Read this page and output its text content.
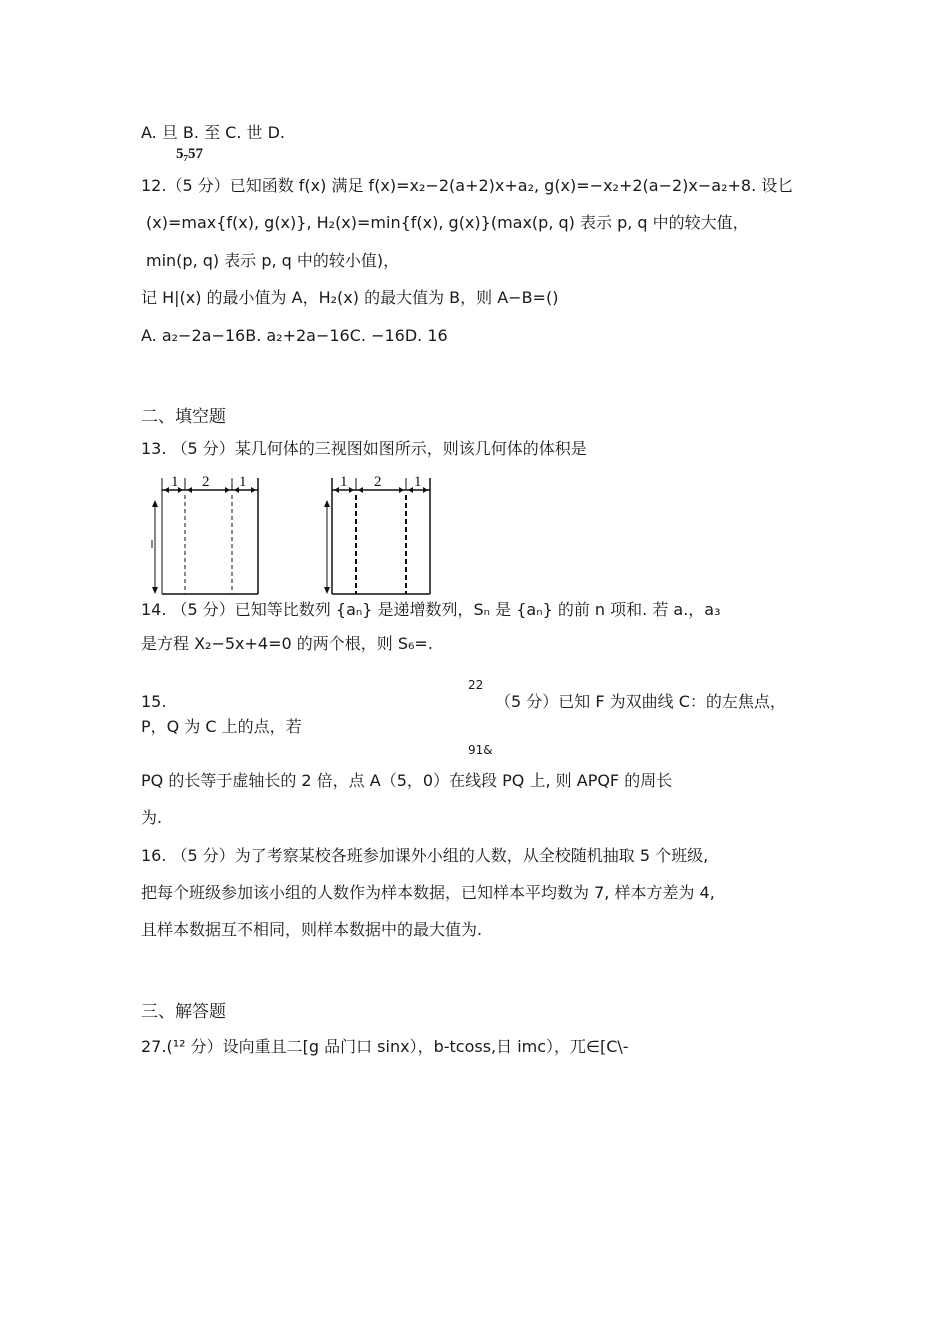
A. 旦 B. 至 C. 世 D.
5₇57
12.（5 分）已知函数 f(x) 满足 f(x)=x₂−2(a+2)x+a₂, g(x)=−x₂+2(a−2)x−a₂+8. 设匕
(x)=max{f(x), g(x)}, H₂(x)=min{f(x), g(x)}(max(p, q) 表示 p, q 中的较大值，
min(p, q) 表示 p, q 中的较小值)，
记 H|(x) 的最小值为 A，H₂(x) 的最大值为 B，则 A−B=()
A. a₂−2a−16B. a₂+2a−16C. −16D. 16
二、填空题
13. （5 分）某几何体的三视图如图所示，则该几何体的体积是
1 2 1	1 2 1
14. （5 分）已知等比数列 {aₙ} 是递增数列，Sₙ 是 {aₙ} 的前 n 项和. 若 a.，a₃
是方程 X₂−5x+4=0 的两个根，则 S₆=.
22
15.	（5 分）已知 F 为双曲线 C：的左焦点，
P，Q 为 C 上的点，若
91&
PQ 的长等于虚轴长的 2 倍，点 A（5，0）在线段 PQ 上, 则 APQF 的周长
为.
16. （5 分）为了考察某校各班参加课外小组的人数，从全校随机抽取 5 个班级,
把每个班级参加该小组的人数作为样本数据，已知样本平均数为 7, 样本方差为 4,
且样本数据互不相同，则样本数据中的最大值为.
三、解答题
27.(¹² 分）设向重且二[g 品门口 sinx），b-tcoss,日 imc），兀∈[C\-
